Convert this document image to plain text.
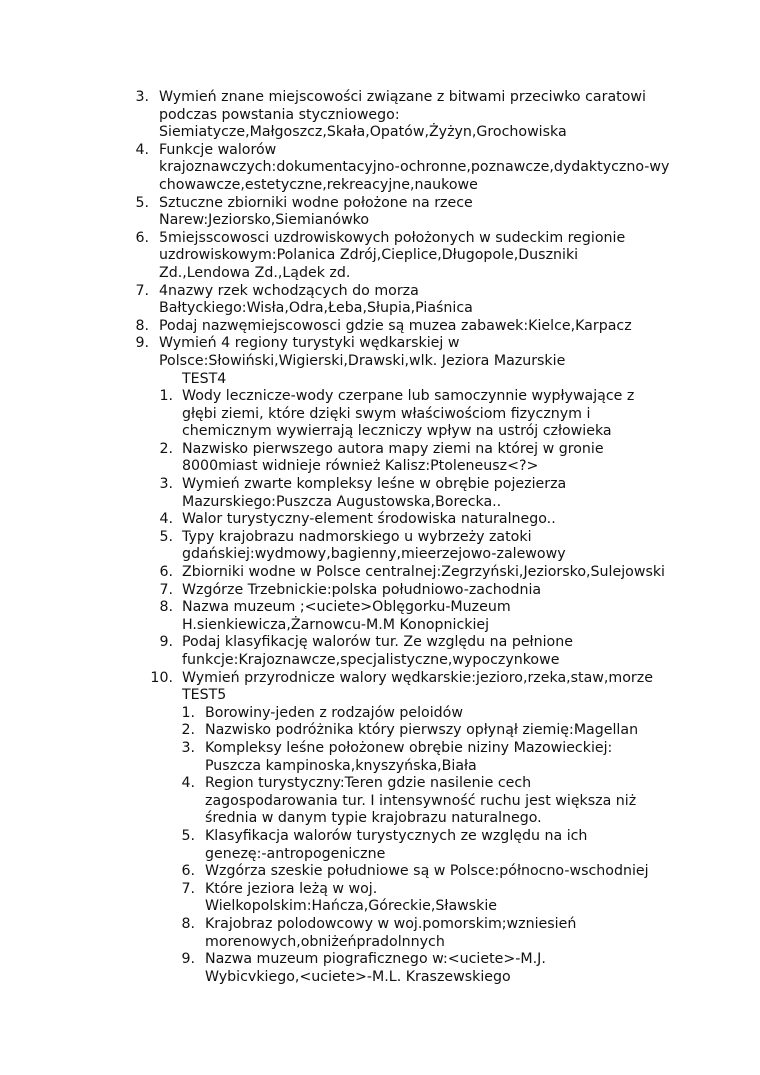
3. Wymień znane miejscowości związane z bitwami przeciwko caratowi
podczas powstania styczniowego:
Siemiatycze,Małgoszcz,Skała,Opatów,Żyżyn,Grochowiska
4. Funkcje walorów
krajoznawczych:dokumentacyjno-ochronne,poznawcze,dydaktyczno-wy
chowawcze,estetyczne,rekreacyjne,naukowe
5. Sztuczne zbiorniki wodne położone na rzece
Narew:Jeziorsko,Siemianówko
6. 5miejsscowosci uzdrowiskowych położonych w sudeckim regionie
uzdrowiskowym:Polanica Zdrój,Cieplice,Długopole,Duszniki
Zd.,Lendowa Zd.,Lądek zd.
7. 4nazwy rzek wchodzących do morza
Bałtyckiego:Wisła,Odra,Łeba,Słupia,Piaśnica
8. Podaj nazwęmiejscowosci gdzie są muzea zabawek:Kielce,Karpacz
9. Wymień 4 regiony turystyki wędkarskiej w
Polsce:Słowiński,Wigierski,Drawski,wlk. Jeziora Mazurskie
TEST4
1. Wody lecznicze-wody czerpane lub samoczynnie wypływające z
głębi ziemi, które dzięki swym właściwościom fizycznym i
chemicznym wywierrają leczniczy wpływ na ustrój człowieka
2. Nazwisko pierwszego autora mapy ziemi na której w gronie
8000miast widnieje również Kalisz:Ptoleneusz<?>
3. Wymień zwarte kompleksy leśne w obrębie pojezierza
Mazurskiego:Puszcza Augustowska,Borecka..
4. Walor turystyczny-element środowiska naturalnego..
5. Typy krajobrazu nadmorskiego u wybrzeży zatoki
gdańskiej:wydmowy,bagienny,mieerzejowo-zalewowy
6. Zbiorniki wodne w Polsce centralnej:Zegrzyński,Jeziorsko,Sulejowski
7. Wzgórze Trzebnickie:polska południowo-zachodnia
8. Nazwa muzeum ;<uciete>Oblęgorku-Muzeum
H.sienkiewicza,Żarnowcu-M.M Konopnickiej
9. Podaj klasyfikację walorów tur. Ze względu na pełnione
funkcje:Krajoznawcze,specjalistyczne,wypoczynkowe
10. Wymień przyrodnicze walory wędkarskie:jezioro,rzeka,staw,morze
TEST5
1. Borowiny-jeden z rodzajów peloidów
2. Nazwisko podróżnika który pierwszy opłynął ziemię:Magellan
3. Kompleksy leśne położonew obrębie niziny Mazowieckiej:
Puszcza kampinoska,knyszyńska,Biała
4. Region turystyczny:Teren gdzie nasilenie cech
zagospodarowania tur. I intensywność ruchu jest większa niż
średnia w danym typie krajobrazu naturalnego.
5. Klasyfikacja walorów turystycznych ze względu na ich
genezę:-antropogeniczne
6. Wzgórza szeskie południowe są w Polsce:północno-wschodniej
7. Które jeziora leżą w woj.
Wielkopolskim:Hańcza,Góreckie,Sławskie
8. Krajobraz polodowcowy w woj.pomorskim;wzniesień
morenowych,obniżeńpradolnnych
9. Nazwa muzeum piograficznego w:<uciete>-M.J.
Wybicvkiego,<uciete>-M.L. Kraszewskiego
